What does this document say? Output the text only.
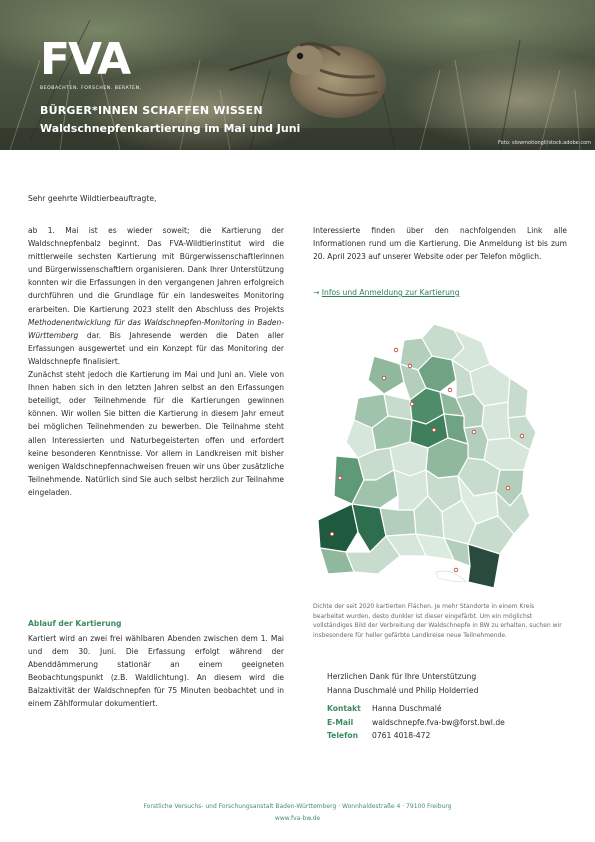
FVA
BEOBACHTEN. FORSCHEN. BERATEN.
BÜRGER*INNEN SCHAFFEN WISSEN
Waldschnepfenkartierung im Mai und Juni
Foto: slowmotiongli/stock.adobe.com
Sehr geehrte Wildtierbeauftragte,

ab 1. Mai ist es wieder soweit; die Kartierung der Waldschnepfenbalz beginnt. Das FVA-Wildtierinstitut wird die mittlerweile sechsten Kartierung mit Bürgerwissenschaftlerinnen und Bürgerwissenschaftlern organisieren. Dank Ihrer Unterstützung konnten wir die Erfassungen in den vergangenen Jahren erfolgreich durchführen und die Grundlage für ein landesweites Monitoring erarbeiten. Die Kartierung 2023 stellt den Abschluss des Projekts Methodenentwicklung für das Waldschnepfen-Monitoring in Baden-Württemberg dar. Bis Jahresende werden die Daten aller Erfassungen ausgewertet und ein Konzept für das Monitoring der Waldschnepfe finalisiert.

Zunächst steht jedoch die Kartierung im Mai und Juni an. Viele von Ihnen haben sich in den letzten Jahren selbst an den Erfassungen beteiligt, oder Teilnehmende für die Kartierungen gewinnen können. Wir wollen Sie bitten die Kartierung in diesem Jahr erneut bei möglichen Teilnehmenden zu bewerben. Die Teilnahme steht allen Interessierten und Naturbegeisterten offen und erfordert keine besonderen Kenntnisse. Vor allem in Landkreisen mit bisher wenigen Waldschnepfennachweisen freuen wir uns über zusätzliche Teilnehmende. Natürlich sind Sie auch selbst herzlich zur Teilnahme eingeladen.

Ablauf der Kartierung
Kartiert wird an zwei frei wählbaren Abenden zwischen dem 1. Mai und dem 30. Juni. Die Erfassung erfolgt während der Abenddämmerung stationär an einem geeigneten Beobachtungspunkt (z.B. Waldlichtung). An diesem wird die Balzaktivität der Waldschnepfen für 75 Minuten beobachtet und in einem Zählformular dokumentiert.
Interessierte finden über den nachfolgenden Link alle Informationen rund um die Kartierung. Die Anmeldung ist bis zum 20. April 2023 auf unserer Website oder per Telefon möglich.
→ Infos und Anmeldung zur Kartierung
Dichte der seit 2020 kartierten Flächen. Je mehr Standorte in einem Kreis bearbeitet wurden, desto dunkler ist dieser eingefärbt. Um ein möglichst vollständiges Bild der Verbreitung der Waldschnepfe in BW zu erhalten, suchen wir insbesondere für heller gefärbte Landkreise neue Teilnehmende.
Herzlichen Dank für Ihre Unterstützung
Hanna Duschmalé und Philip Holderried
Kontakt	Hanna Duschmalé
E-Mail	waldschnepfe.fva-bw@forst.bwl.de
Telefon	0761 4018-472
Forstliche Versuchs- und Forschungsanstalt Baden-Württemberg · Wonnhaldestraße 4 · 79100 Freiburg
www.fva-bw.de
